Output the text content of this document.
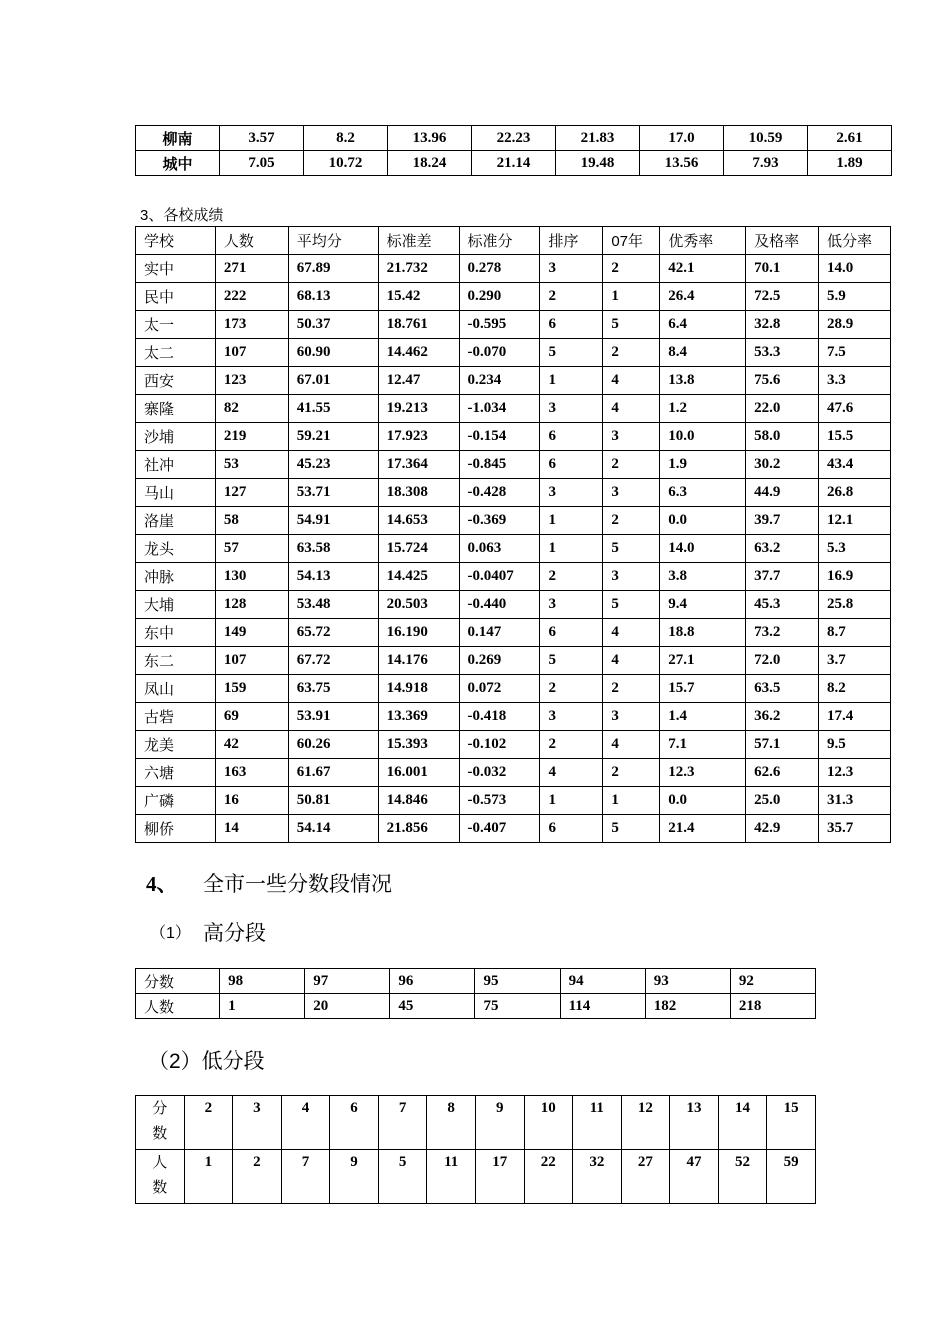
柳南	3.57	8.2	13.96	22.23	21.83	17.0	10.59	2.61
城中	7.05	10.72	18.24	21.14	19.48	13.56	7.93	1.89
3、各校成绩
学校	人数	平均分	标准差	标准分	排序	07年	优秀率	及格率	低分率
实中	271	67.89	21.732	0.278	3	2	42.1	70.1	14.0
民中	222	68.13	15.42	0.290	2	1	26.4	72.5	5.9
太一	173	50.37	18.761	-0.595	6	5	6.4	32.8	28.9
太二	107	60.90	14.462	-0.070	5	2	8.4	53.3	7.5
西安	123	67.01	12.47	0.234	1	4	13.8	75.6	3.3
寨隆	82	41.55	19.213	-1.034	3	4	1.2	22.0	47.6
沙埔	219	59.21	17.923	-0.154	6	3	10.0	58.0	15.5
社冲	53	45.23	17.364	-0.845	6	2	1.9	30.2	43.4
马山	127	53.71	18.308	-0.428	3	3	6.3	44.9	26.8
洛崖	58	54.91	14.653	-0.369	1	2	0.0	39.7	12.1
龙头	57	63.58	15.724	0.063	1	5	14.0	63.2	5.3
冲脉	130	54.13	14.425	-0.0407	2	3	3.8	37.7	16.9
大埔	128	53.48	20.503	-0.440	3	5	9.4	45.3	25.8
东中	149	65.72	16.190	0.147	6	4	18.8	73.2	8.7
东二	107	67.72	14.176	0.269	5	4	27.1	72.0	3.7
凤山	159	63.75	14.918	0.072	2	2	15.7	63.5	8.2
古砦	69	53.91	13.369	-0.418	3	3	1.4	36.2	17.4
龙美	42	60.26	15.393	-0.102	2	4	7.1	57.1	9.5
六塘	163	61.67	16.001	-0.032	4	2	12.3	62.6	12.3
广磷	16	50.81	14.846	-0.573	1	1	0.0	25.0	31.3
柳侨	14	54.14	21.856	-0.407	6	5	21.4	42.9	35.7
4、 全市一些分数段情况
（1） 高分段
分数	98	97	96	95	94	93	92
人数	1	20	45	75	114	182	218
（2）低分段
分
数	2	3	4	6	7	8	9	10	11	12	13	14	15
人
数	1	2	7	9	5	11	17	22	32	27	47	52	59
